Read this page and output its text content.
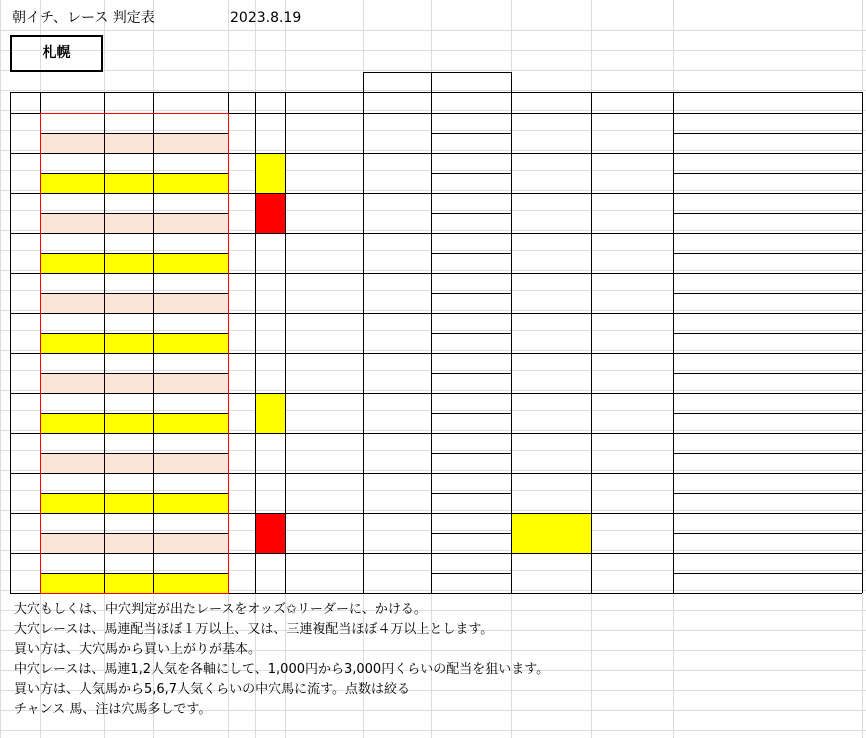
朝イチ、レース 判定表	2023.8.19
札幌
大穴もしくは、中穴判定が出たレースをオッズ✩リーダーに、かける。
大穴レースは、馬連配当ほぼ１万以上、又は、三連複配当ほぼ４万以上とします。
買い方は、大穴馬から買い上がりが基本。
中穴レースは、馬連1,2人気を各軸にして、1,000円から3,000円くらいの配当を狙います。
買い方は、人気馬から5,6,7人気くらいの中穴馬に流す。点数は絞る
チャンス 馬、注は穴馬多しです。
